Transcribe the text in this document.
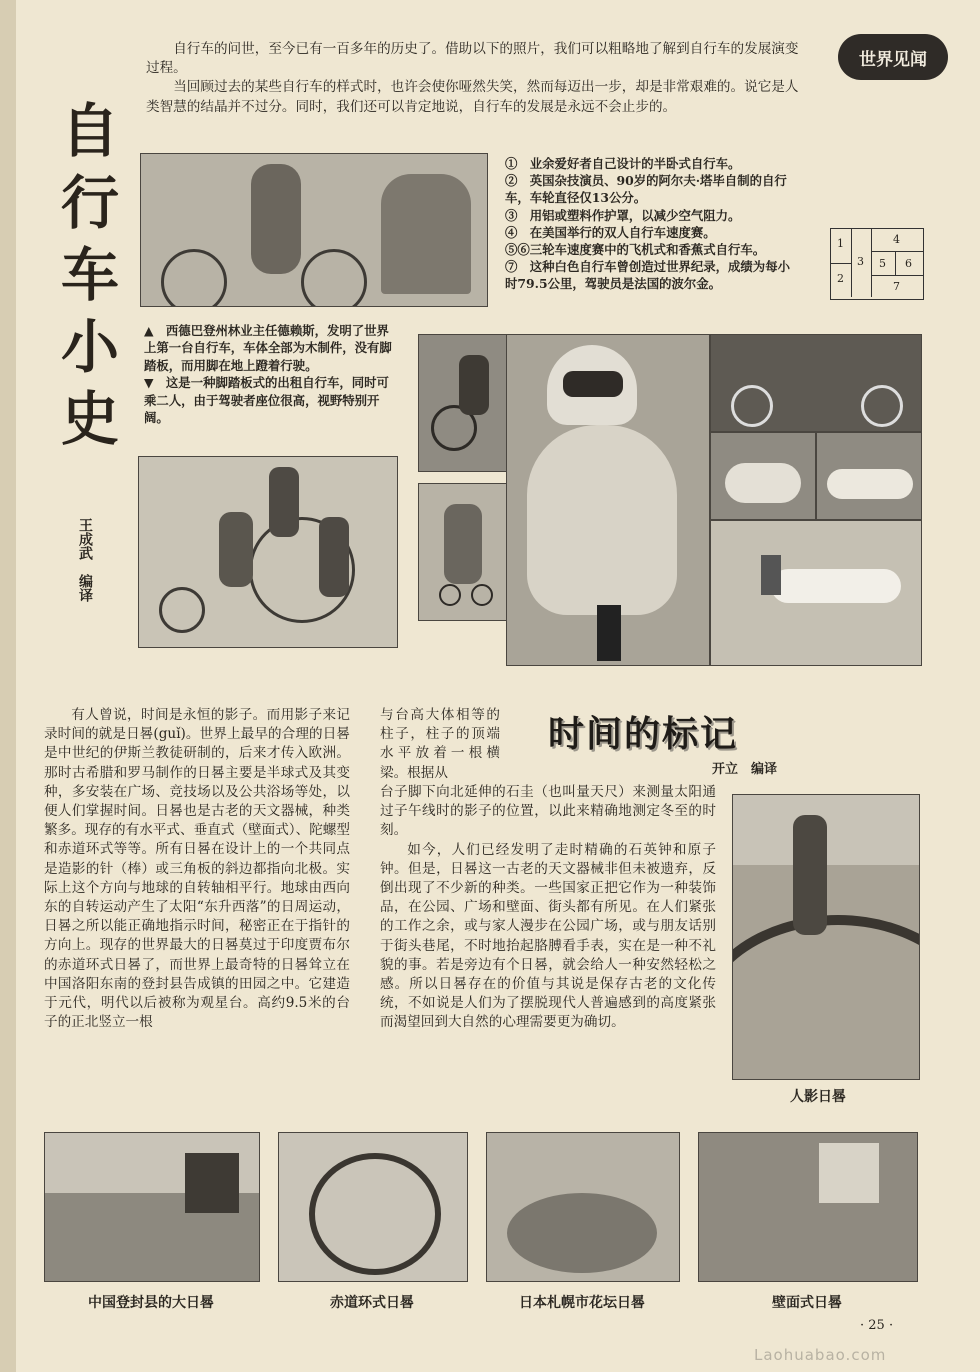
世界见闻
自
行
车
小
史
王成武　编译

自行车的问世，至今已有一百多年的历史了。借助以下的照片，我们可以粗略地了解到自行车的发展演变过程。

当回顾过去的某些自行车的样式时，也许会使你哑然失笑，然而每迈出一步，却是非常艰难的。说它是人类智慧的结晶并不过分。同时，我们还可以肯定地说，自行车的发展是永远不会止步的。

①　业余爱好者自己设计的半卧式自行车。
②　英国杂技演员、90岁的阿尔夫·塔毕自制的自行车，车轮直径仅13公分。
③　用铝或塑料作护罩，以减少空气阻力。
④　在美国举行的双人自行车速度赛。
⑤⑥三轮车速度赛中的飞机式和香蕉式自行车。
⑦　这种白色自行车曾创造过世界纪录，成绩为每小时79.5公里，驾驶员是法国的波尔金。
1
2
3
4
5 6
7
▲　西德巴登州林业主任德赖斯，发明了世界上第一台自行车，车体全部为木制件，没有脚踏板，而用脚在地上蹬着行驶。
▼　这是一种脚踏板式的出租自行车，同时可乘二人，由于驾驶者座位很高，视野特别开阔。
时间的标记
开立　编译

有人曾说，时间是永恒的影子。而用影子来记录时间的就是日晷(guǐ)。世界上最早的合理的日晷是中世纪的伊斯兰教徒研制的，后来才传入欧洲。那时古希腊和罗马制作的日晷主要是半球式及其变种，多安装在广场、竞技场以及公共浴场等处，以便人们掌握时间。日晷也是古老的天文器械，种类繁多。现存的有水平式、垂直式（壁面式）、陀螺型和赤道环式等等。所有日晷在设计上的一个共同点是造影的针（棒）或三角板的斜边都指向北极。实际上这个方向与地球的自转轴相平行。地球由西向东的自转运动产生了太阳“东升西落”的日周运动，日晷之所以能正确地指示时间，秘密正在于指针的方向上。现存的世界最大的日晷莫过于印度贾布尔的赤道环式日晷了，而世界上最奇特的日晷耸立在中国洛阳东南的登封县告成镇的田园之中。它建造于元代，明代以后被称为观星台。高约9.5米的台子的正北竖立一根

与台高大体相等的柱子，柱子的顶端水平放着一根横梁。根据从

台子脚下向北延伸的石圭（也叫量天尺）来测量太阳通过子午线时的影子的位置，以此来精确地测定冬至的时刻。

如今，人们已经发明了走时精确的石英钟和原子钟。但是，日晷这一古老的天文器械非但未被遗弃，反倒出现了不少新的种类。一些国家正把它作为一种装饰品，在公园、广场和壁面、街头都有所见。在人们紧张的工作之余，或与家人漫步在公园广场，或与朋友话别于街头巷尾，不时地抬起胳膊看手表，实在是一种不礼貌的事。若是旁边有个日晷，就会给人一种安然轻松之感。所以日晷存在的价值与其说是保存古老的文化传统，不如说是人们为了摆脱现代人普遍感到的高度紧张而渴望回到大自然的心理需要更为确切。

人影日晷
中国登封县的大日晷	赤道环式日晷	日本札幌市花坛日晷	壁面式日晷
· 25 ·
Laohuabao.com
